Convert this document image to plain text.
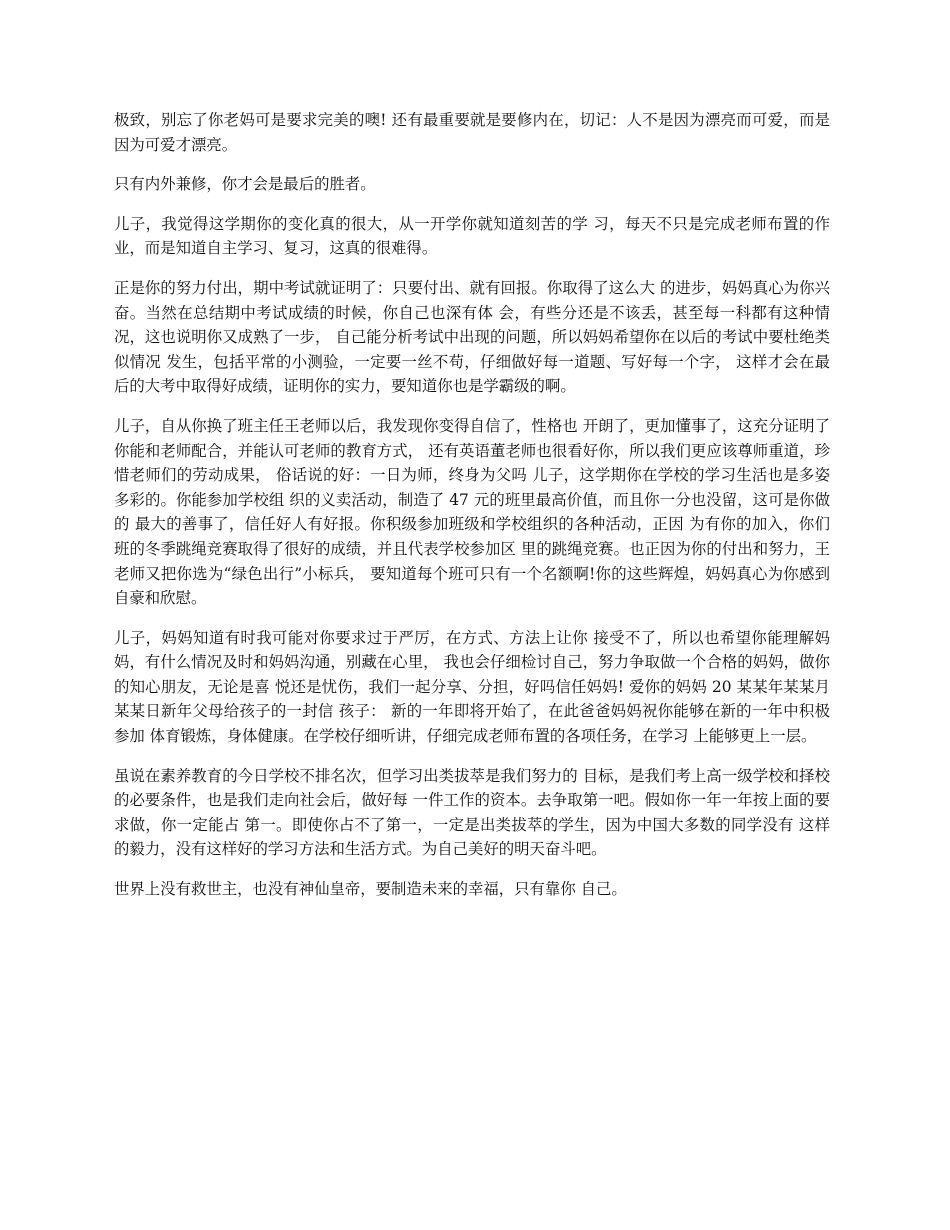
极致，别忘了你老妈可是要求完美的噢! 还有最重要就是要修内在，切记：人不是因为漂亮而可爱，而是因为可爱才漂亮。

只有内外兼修，你才会是最后的胜者。

儿子，我觉得这学期你的变化真的很大，从一开学你就知道刻苦的学 习，每天不只是完成老师布置的作业，而是知道自主学习、复习，这真的很难得。

正是你的努力付出，期中考试就证明了：只要付出、就有回报。你取得了这么大 的进步，妈妈真心为你兴奋。当然在总结期中考试成绩的时候，你自己也深有体 会，有些分还是不该丢，甚至每一科都有这种情况，这也说明你又成熟了一步， 自己能分析考试中出现的问题，所以妈妈希望你在以后的考试中要杜绝类似情况 发生，包括平常的小测验，一定要一丝不苟，仔细做好每一道题、写好每一个字， 这样才会在最后的大考中取得好成绩，证明你的实力，要知道你也是学霸级的啊。

儿子，自从你换了班主任王老师以后，我发现你变得自信了，性格也 开朗了，更加懂事了，这充分证明了你能和老师配合，并能认可老师的教育方式， 还有英语董老师也很看好你，所以我们更应该尊师重道，珍惜老师们的劳动成果， 俗话说的好：一日为师，终身为父吗 儿子，这学期你在学校的学习生活也是多姿多彩的。你能参加学校组 织的义卖活动，制造了 47 元的班里最高价值，而且你一分也没留，这可是你做的 最大的善事了，信任好人有好报。你积级参加班级和学校组织的各种活动，正因 为有你的加入，你们班的冬季跳绳竞赛取得了很好的成绩，并且代表学校参加区 里的跳绳竞赛。也正因为你的付出和努力，王老师又把你选为“绿色出行”小标兵， 要知道每个班可只有一个名额啊!你的这些辉煌，妈妈真心为你感到自豪和欣慰。

儿子，妈妈知道有时我可能对你要求过于严厉，在方式、方法上让你 接受不了，所以也希望你能理解妈妈，有什么情况及时和妈妈沟通，别藏在心里， 我也会仔细检讨自己，努力争取做一个合格的妈妈，做你的知心朋友，无论是喜 悦还是忧伤，我们一起分享、分担，好吗信任妈妈! 爱你的妈妈 20 某某年某某月某某日新年父母给孩子的一封信 孩子： 新的一年即将开始了，在此爸爸妈妈祝你能够在新的一年中积极参加 体育锻炼，身体健康。在学校仔细听讲，仔细完成老师布置的各项任务，在学习 上能够更上一层。

虽说在素养教育的今日学校不排名次，但学习出类拔萃是我们努力的 目标，是我们考上高一级学校和择校的必要条件，也是我们走向社会后，做好每 一件工作的资本。去争取第一吧。假如你一年一年按上面的要求做，你一定能占 第一。即使你占不了第一，一定是出类拔萃的学生，因为中国大多数的同学没有 这样的毅力，没有这样好的学习方法和生活方式。为自己美好的明天奋斗吧。

世界上没有救世主，也没有神仙皇帝，要制造未来的幸福，只有靠你 自己。
